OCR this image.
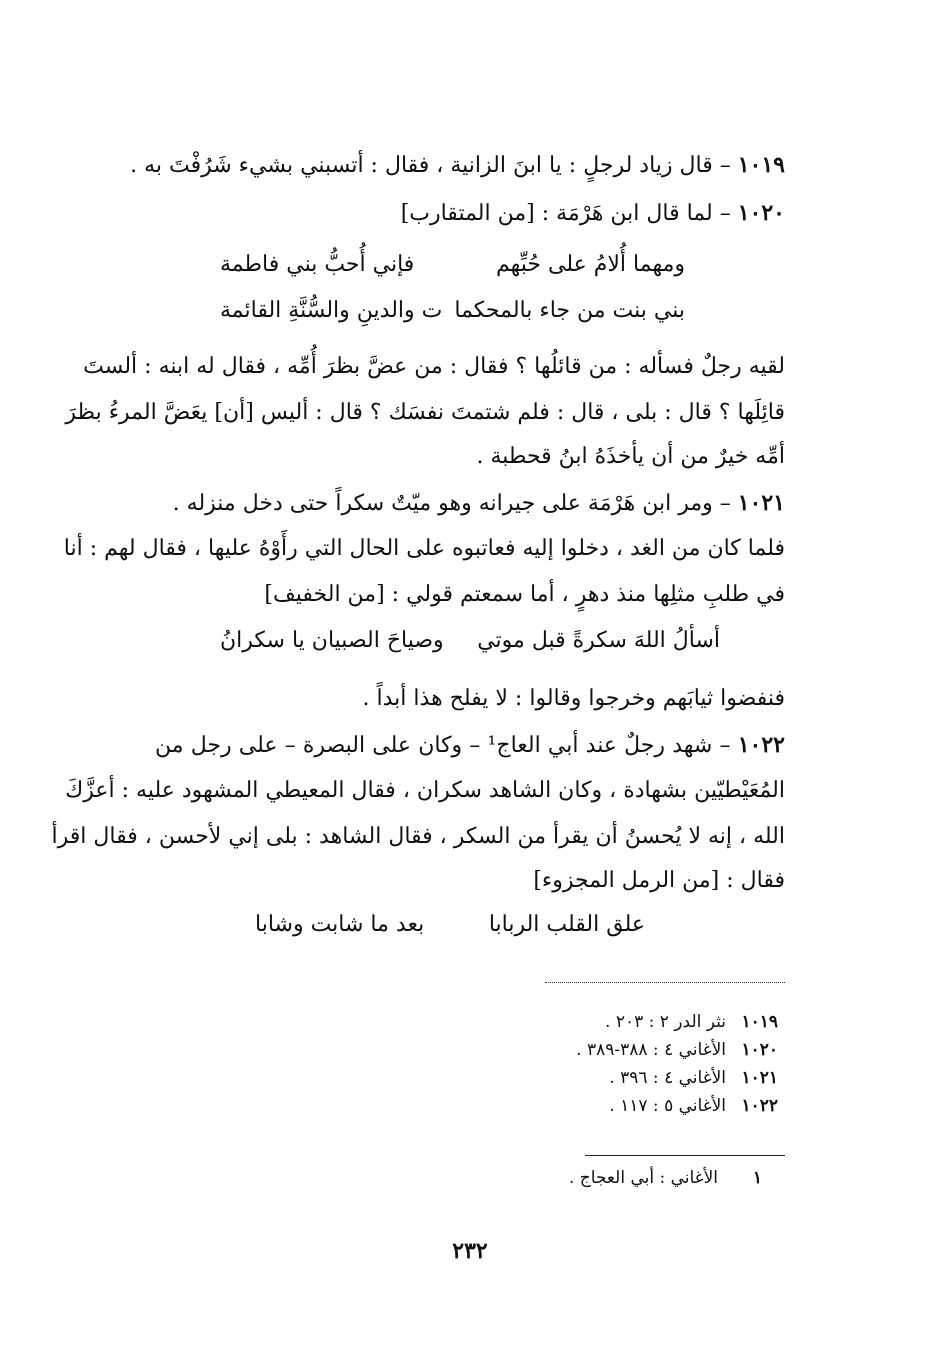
١٠١٩ – قال زياد لرجلٍ : يا ابنَ الزانية ، فقال : أتسبني بشيء شَرُفْتَ به .
١٠٢٠ – لما قال ابن هَرْمَة : [من المتقارب]
ومهما أُلامُ على حُبِّهم
فإني أُحبُّ بني فاطمة
بني بنت من جاء بالمحكما
ت والدينِ والسُّنَّةِ القائمة
لقيه رجلٌ فسأله : من قائلُها ؟ فقال : من عضَّ بظرَ أُمِّه ، فقال له ابنه : ألستَ
قائِلَها ؟ قال : بلى ، قال : فلم شتمتَ نفسَك ؟ قال : أليس [أن] يعَضَّ المرءُ بظرَ
أمِّه خيرٌ من أن يأخذَهُ ابنُ قحطبة .
١٠٢١ – ومر ابن هَرْمَة على جيرانه وهو ميّتٌ سكراً حتى دخل منزله .
فلما كان من الغد ، دخلوا إليه فعاتبوه على الحال التي رأَوْهُ عليها ، فقال لهم : أنا
في طلبِ مثلِها منذ دهرٍ ، أما سمعتم قولي : [من الخفيف]
أسألُ اللهَ سكرةً قبل موتي
وصياحَ الصبيان يا سكرانُ
فنفضوا ثيابَهم وخرجوا وقالوا : لا يفلح هذا أبداً .
١٠٢٢ – شهد رجلٌ عند أبي العاج¹ – وكان على البصرة – على رجل من
المُعَيْطيّين بشهادة ، وكان الشاهد سكران ، فقال المعيطي المشهود عليه : أعزَّكَ
الله ، إنه لا يُحسنُ أن يقرأ من السكر ، فقال الشاهد : بلى إني لأحسن ، فقال اقرأ
فقال : [من الرمل المجزوء]
علق القلب الربابا
بعد ما شابت وشابا
١٠١٩نثر الدر ٢ : ٢٠٣ .
١٠٢٠الأغاني ٤ : ٣٨٨-٣٨٩ .
١٠٢١الأغاني ٤ : ٣٩٦ .
١٠٢٢الأغاني ٥ : ١١٧ .
١الأغاني : أبي العجاج .
٢٣٢
